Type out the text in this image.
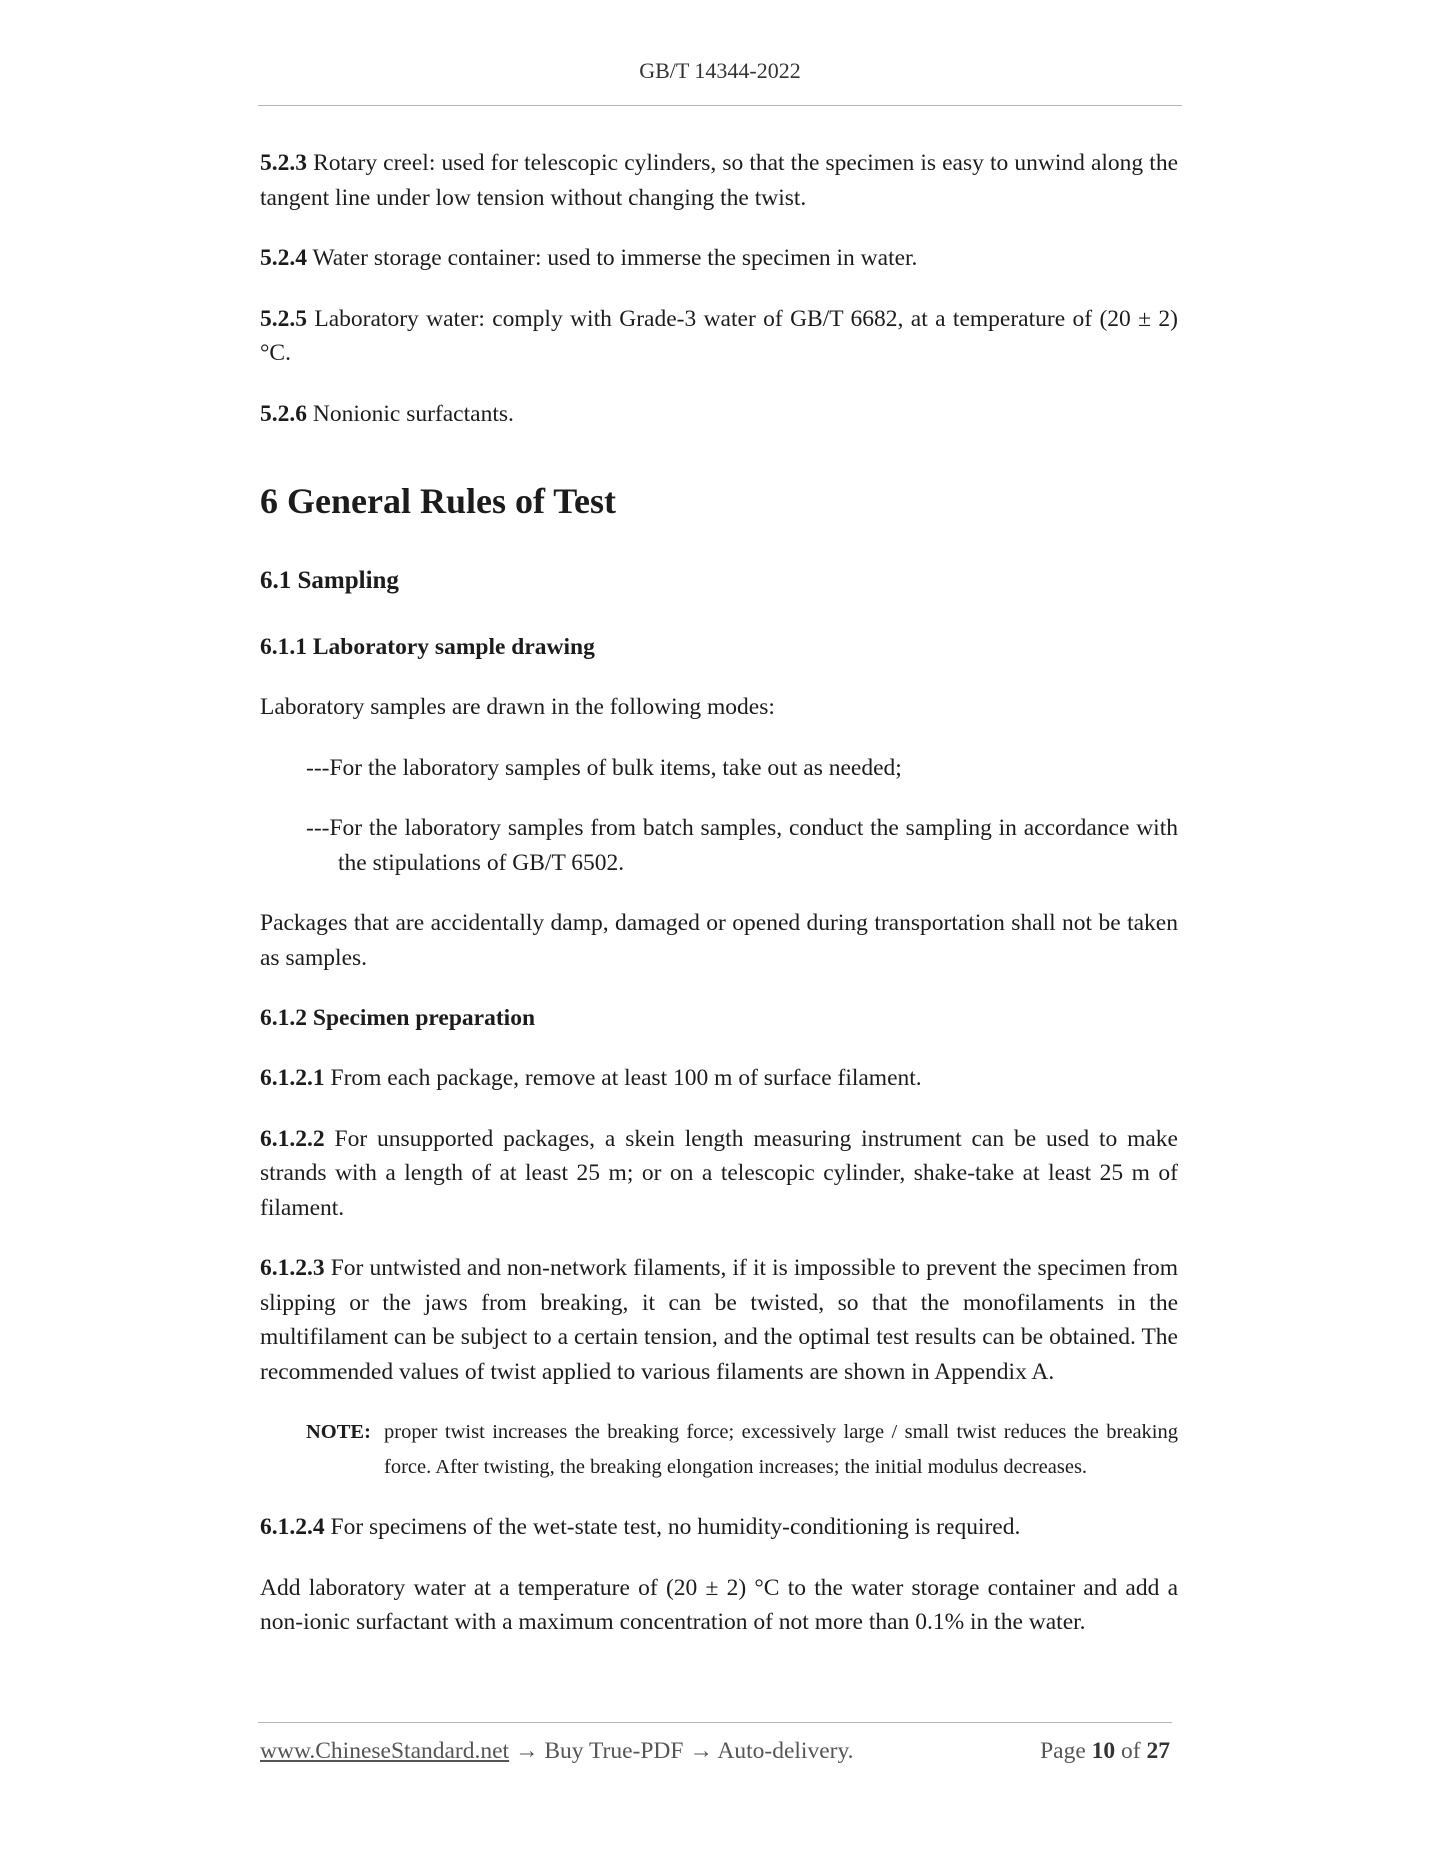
GB/T 14344-2022

5.2.3 Rotary creel: used for telescopic cylinders, so that the specimen is easy to unwind along the tangent line under low tension without changing the twist.

5.2.4 Water storage container: used to immerse the specimen in water.

5.2.5 Laboratory water: comply with Grade-3 water of GB/T 6682, at a temperature of (20 ± 2) °C.

5.2.6 Nonionic surfactants.

6 General Rules of Test
6.1 Sampling
6.1.1 Laboratory sample drawing

Laboratory samples are drawn in the following modes:

---For the laboratory samples of bulk items, take out as needed;

---For the laboratory samples from batch samples, conduct the sampling in accordance with the stipulations of GB/T 6502.

Packages that are accidentally damp, damaged or opened during transportation shall not be taken as samples.

6.1.2 Specimen preparation

6.1.2.1 From each package, remove at least 100 m of surface filament.

6.1.2.2 For unsupported packages, a skein length measuring instrument can be used to make strands with a length of at least 25 m; or on a telescopic cylinder, shake-take at least 25 m of filament.

6.1.2.3 For untwisted and non-network filaments, if it is impossible to prevent the specimen from slipping or the jaws from breaking, it can be twisted, so that the monofilaments in the multifilament can be subject to a certain tension, and the optimal test results can be obtained. The recommended values of twist applied to various filaments are shown in Appendix A.

NOTE: proper twist increases the breaking force; excessively large / small twist reduces the breaking force. After twisting, the breaking elongation increases; the initial modulus decreases.

6.1.2.4 For specimens of the wet-state test, no humidity-conditioning is required.

Add laboratory water at a temperature of (20 ± 2) °C to the water storage container and add a non-ionic surfactant with a maximum concentration of not more than 0.1% in the water.

www.ChineseStandard.net → Buy True-PDF → Auto-delivery.	Page 10 of 27
